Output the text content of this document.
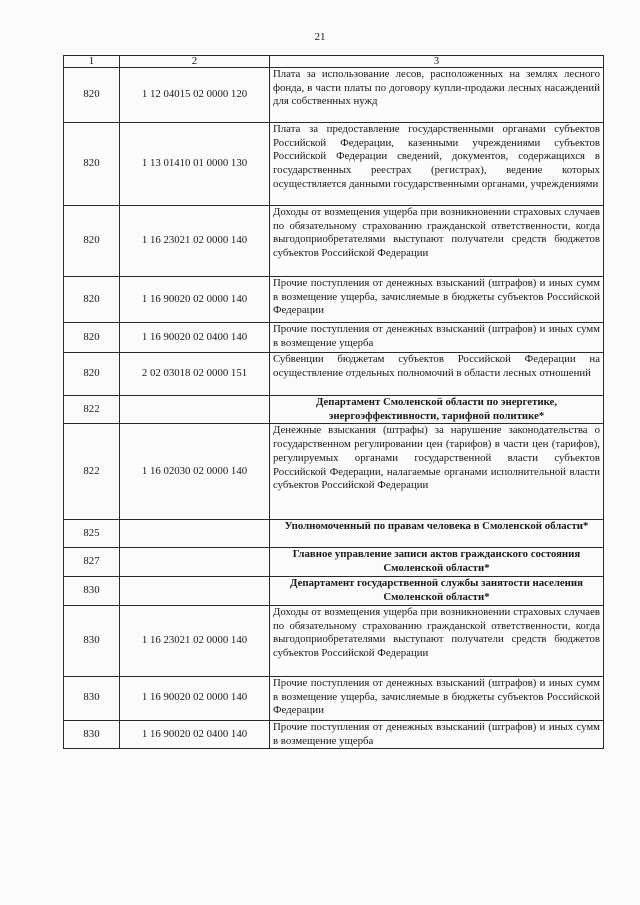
21
1	2	3
820	1 12 04015 02 0000 120	Плата за использование лесов, расположенных на землях лесного фонда, в части платы по договору купли-продажи лесных насаждений для собственных нужд
820	1 13 01410 01 0000 130	Плата за предоставление государственными органами субъектов Российской Федерации, казенными учреждениями субъектов Российской Федерации сведений, документов, содержащихся в государственных реестрах (регистрах), ведение которых осуществляется данными государственными органами, учреждениями
820	1 16 23021 02 0000 140	Доходы от возмещения ущерба при возникновении страховых случаев по обязательному страхованию гражданской ответственности, когда выгодоприобретателями выступают получатели средств бюджетов субъектов Российской Федерации
820	1 16 90020 02 0000 140	Прочие поступления от денежных взысканий (штрафов) и иных сумм в возмещение ущерба, зачисляемые в бюджеты субъектов Российской Федерации
820	1 16 90020 02 0400 140	Прочие поступления от денежных взысканий (штрафов) и иных сумм в возмещение ущерба
820	2 02 03018 02 0000 151	Субвенции бюджетам субъектов Российской Федерации на осуществление отдельных полномочий в области лесных отношений
822		Департамент Смоленской области по энергетике, энергоэффективности, тарифной политике*
822	1 16 02030 02 0000 140	Денежные взыскания (штрафы) за нарушение законодательства о государственном регулировании цен (тарифов) в части цен (тарифов), регулируемых органами государственной власти субъектов Российской Федерации, налагаемые органами исполнительной власти субъектов Российской Федерации
825		Уполномоченный по правам человека в Смоленской области*
827		Главное управление записи актов гражданского состояния Смоленской области*
830		Департамент государственной службы занятости населения Смоленской области*
830	1 16 23021 02 0000 140	Доходы от возмещения ущерба при возникновении страховых случаев по обязательному страхованию гражданской ответственности, когда выгодоприобретателями выступают получатели средств бюджетов субъектов Российской Федерации
830	1 16 90020 02 0000 140	Прочие поступления от денежных взысканий (штрафов) и иных сумм в возмещение ущерба, зачисляемые в бюджеты субъектов Российской Федерации
830	1 16 90020 02 0400 140	Прочие поступления от денежных взысканий (штрафов) и иных сумм в возмещение ущерба
